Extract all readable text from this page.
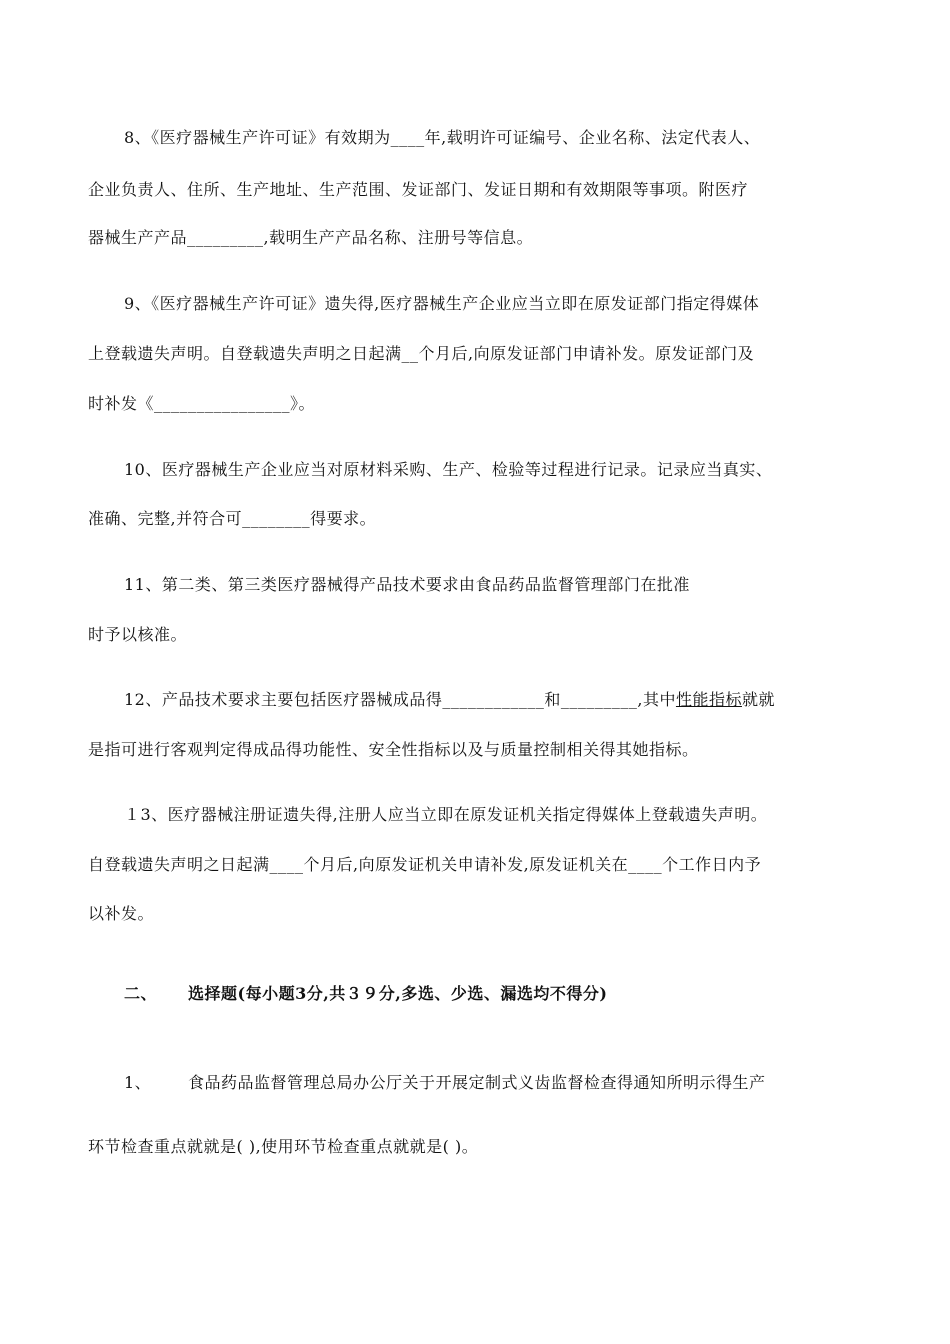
8、《医疗器械生产许可证》有效期为____年,载明许可证编号、企业名称、法定代表人、
企业负责人、住所、生产地址、生产范围、发证部门、发证日期和有效期限等事项。附医疗
器械生产产品_________,载明生产产品名称、注册号等信息。
9、《医疗器械生产许可证》遗失得,医疗器械生产企业应当立即在原发证部门指定得媒体
上登载遗失声明。自登载遗失声明之日起满__个月后,向原发证部门申请补发。原发证部门及
时补发《________________》。
10、医疗器械生产企业应当对原材料采购、生产、检验等过程进行记录。记录应当真实、
准确、完整,并符合可________得要求。
11、第二类、第三类医疗器械得产品技术要求由食品药品监督管理部门在批准
时予以核准。
12、产品技术要求主要包括医疗器械成品得____________和_________,其中性能指标就就
是指可进行客观判定得成品得功能性、安全性指标以及与质量控制相关得其她指标。
１3、医疗器械注册证遗失得,注册人应当立即在原发证机关指定得媒体上登载遗失声明。
自登载遗失声明之日起满____个月后,向原发证机关申请补发,原发证机关在____个工作日内予
以补发。
二、 选择题(每小题3分,共３９分,多选、少选、漏选均不得分)
1、 食品药品监督管理总局办公厅关于开展定制式义齿监督检查得通知所明示得生产
环节检查重点就就是( ),使用环节检查重点就就是( )。
